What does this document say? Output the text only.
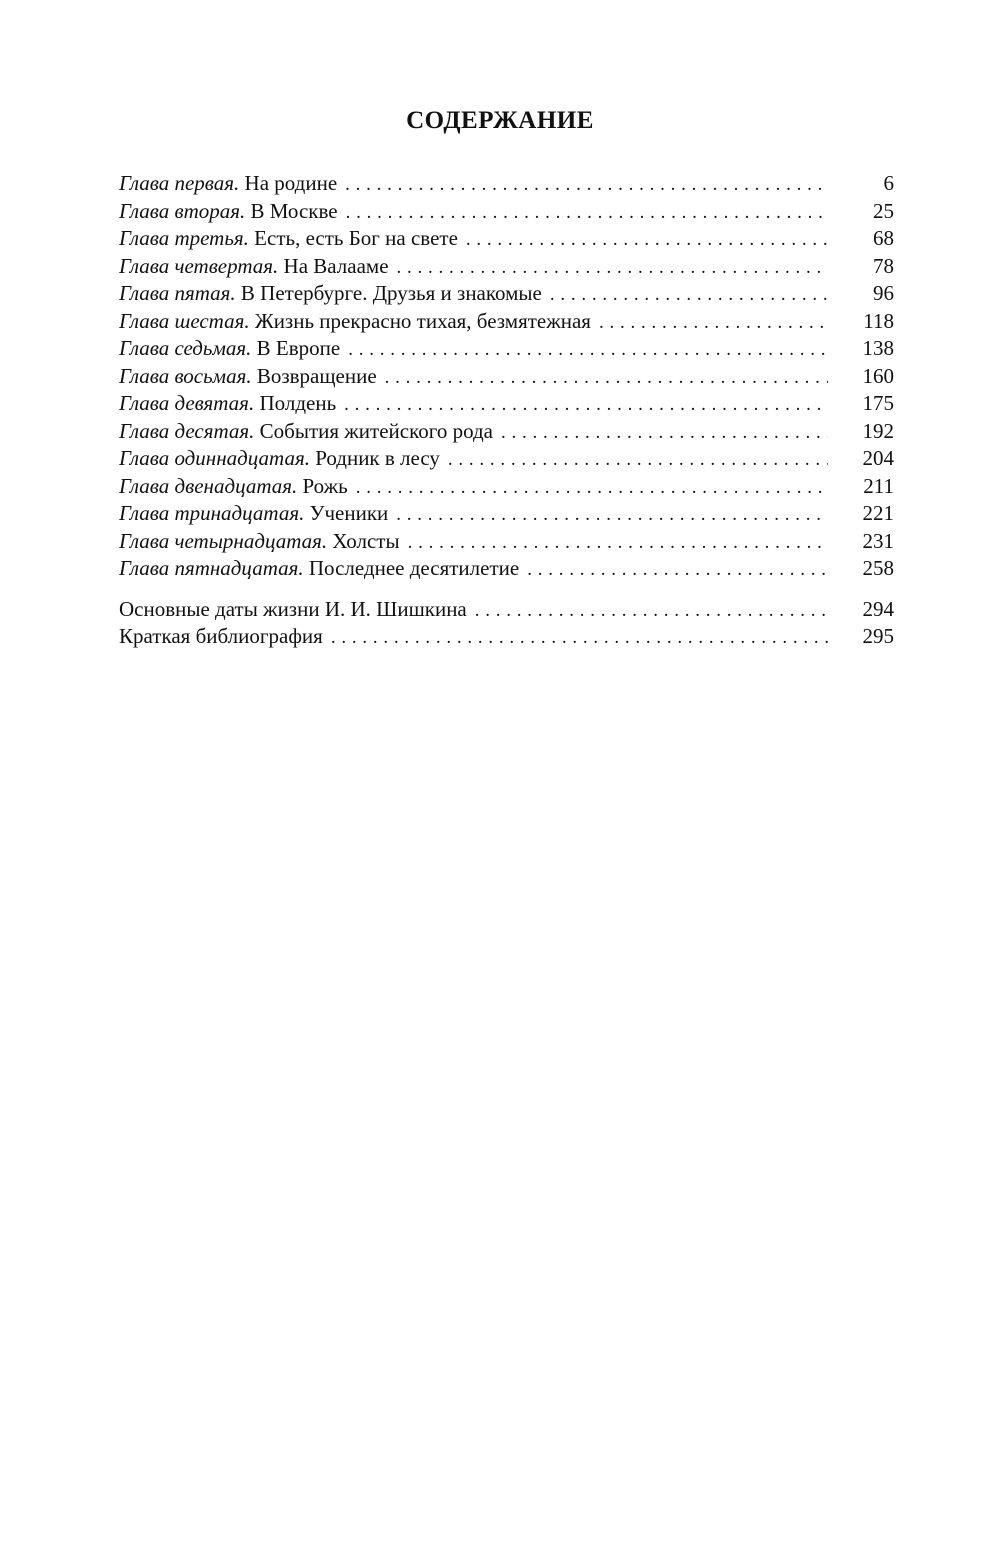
СОДЕРЖАНИЕ
Глава первая. На родине . . .	6
Глава вторая. В Москве . . .	25
Глава третья. Есть, есть Бог на свете . . .	68
Глава четвертая. На Валааме . . .	78
Глава пятая. В Петербурге. Друзья и знакомые . . .	96
Глава шестая. Жизнь прекрасно тихая, безмятежная . . .	118
Глава седьмая. В Европе . . .	138
Глава восьмая. Возвращение . . .	160
Глава девятая. Полдень . . .	175
Глава десятая. События житейского рода . . .	192
Глава одиннадцатая. Родник в лесу . . .	204
Глава двенадцатая. Рожь . . .	211
Глава тринадцатая. Ученики . . .	221
Глава четырнадцатая. Холсты . . .	231
Глава пятнадцатая. Последнее десятилетие . . .	258
Основные даты жизни И. И. Шишкина . . .	294
Краткая библиография . . .	295
